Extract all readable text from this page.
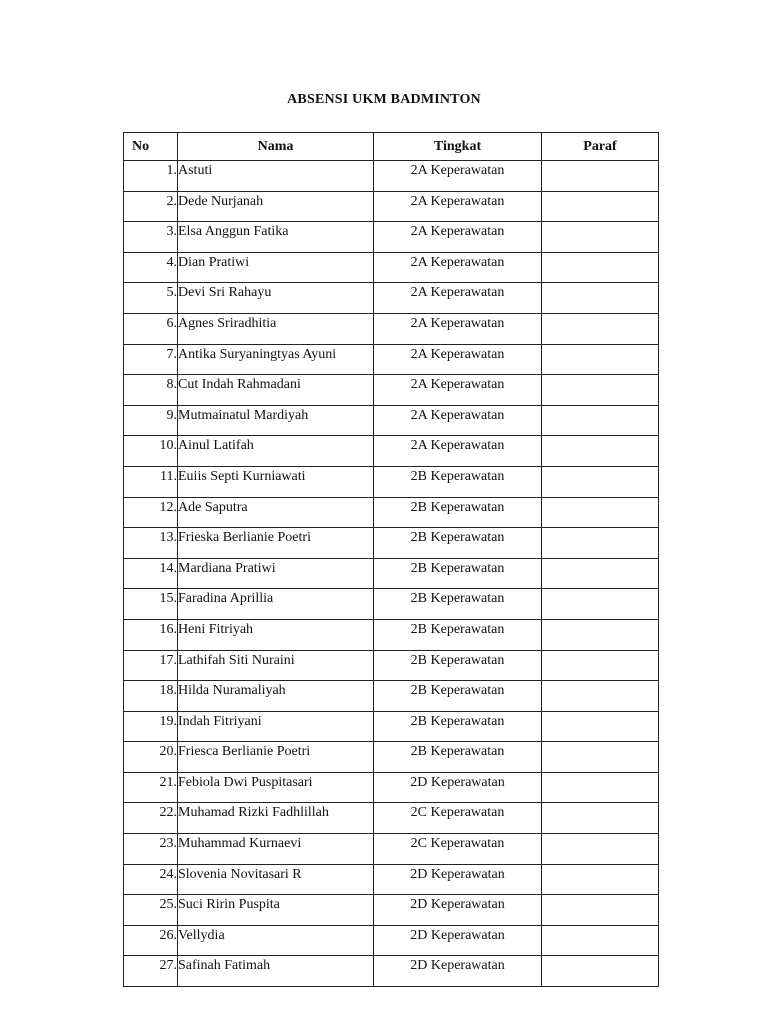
ABSENSI UKM BADMINTON
No	Nama	Tingkat	Paraf
1.	Astuti	2A Keperawatan	
2.	Dede Nurjanah	2A Keperawatan	
3.	Elsa Anggun Fatika	2A Keperawatan	
4.	Dian Pratiwi	2A Keperawatan	
5.	Devi Sri Rahayu	2A Keperawatan	
6.	Agnes Sriradhitia	2A Keperawatan	
7.	Antika Suryaningtyas Ayuni	2A Keperawatan	
8.	Cut Indah Rahmadani	2A Keperawatan	
9.	Mutmainatul Mardiyah	2A Keperawatan	
10.	Ainul Latifah	2A Keperawatan	
11.	Euiis Septi Kurniawati	2B Keperawatan	
12.	Ade Saputra	2B Keperawatan	
13.	Frieska Berlianie Poetri	2B Keperawatan	
14.	Mardiana Pratiwi	2B Keperawatan	
15.	Faradina Aprillia	2B Keperawatan	
16.	Heni Fitriyah	2B Keperawatan	
17.	Lathifah Siti Nuraini	2B Keperawatan	
18.	Hilda Nuramaliyah	2B Keperawatan	
19.	Indah Fitriyani	2B Keperawatan	
20.	Friesca Berlianie Poetri	2B Keperawatan	
21.	Febiola Dwi Puspitasari	2D Keperawatan	
22.	Muhamad Rizki Fadhlillah	2C Keperawatan	
23.	Muhammad Kurnaevi	2C Keperawatan	
24.	Slovenia Novitasari R	2D Keperawatan	
25.	Suci Ririn Puspita	2D Keperawatan	
26.	Vellydia	2D Keperawatan	
27.	Safinah Fatimah	2D Keperawatan	
